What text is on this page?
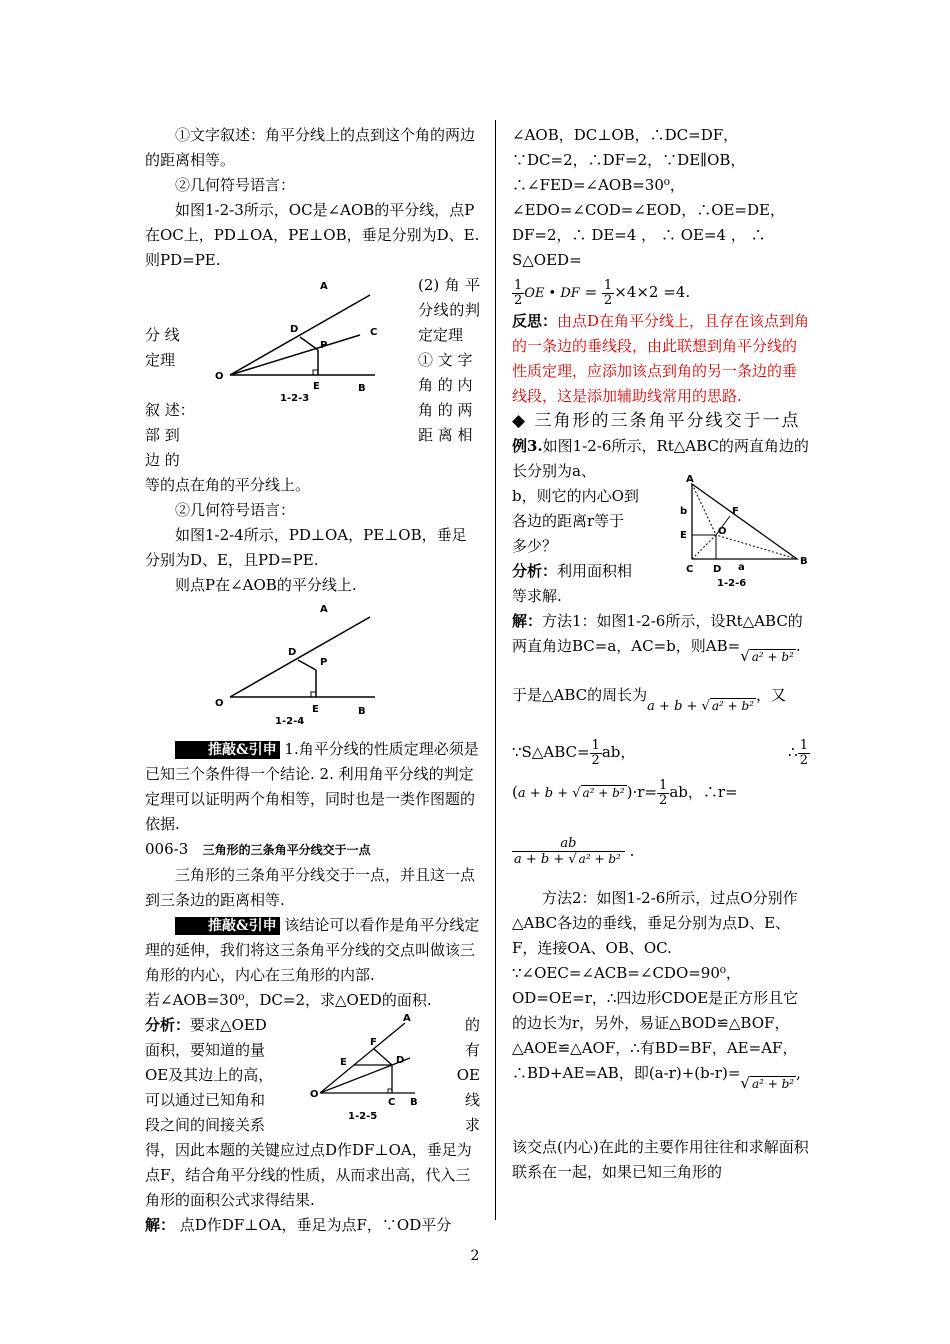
①文字叙述：角平分线上的点到这个角的两边的距离相等。

②几何符号语言：

如图1-2-3所示，OC是∠AOB的平分线，点P在OC上，PD⊥OA，PE⊥OB，垂足分别为D、E. 则PD=PE.

(2)角平分线的判定定理
A
D
P
C
O
E	B
1-2-3

分 线

定理	① 文 字

角 的 内

角 的 两

距 离 相

叙 述：

部 到

边 的

等的点在角的平分线上。

②几何符号语言：

如图1-2-4所示，PD⊥OA，PE⊥OB，垂足分别为D、E，且PD=PE.

则点P在∠AOB的平分线上.

A
D
P
O
E	B
1-2-4

推敲&引申 1.角平分线的性质定理必须是已知三个条件得一个结论. 2. 利用角平分线的判定定理可以证明两个角相等，同时也是一类作图题的依据.

006-3 三角形的三条角平分线交于一点

三角形的三条角平分线交于一点，并且这一点到三条边的距离相等.

推敲&引申 该结论可以看作是角平分线定理的延伸，我们将这三条角平分线的交点叫做该三角形的内心，内心在三角形的内部.

若∠AOB=30⁰，DC=2，求△OED的面积.

分析：要求△OED

面积，要知道的量

OE及其边上的高，

可以通过已知角和

段之间的间接关系

A
F
E	D
O
C B
1-2-5

的

有

OE

线

求

得，因此本题的关键应过点D作DF⊥OA，垂足为点F，结合角平分线的性质，从而求出高，代入三角形的面积公式求得结果.

解： 点D作DF⊥OA，垂足为点F，∵OD平分

∠AOB，DC⊥OB，∴DC=DF，∵DC=2，∴DF=2，∵DE∥OB，∴∠FED=∠AOB=30⁰，∠EDO=∠COD=∠EOD，∴OE=DE，DF=2，∴ DE=4 ， ∴ OE=4 ， ∴ S△OED=

$\frac{1}{2}$ OE • DF = $\frac{1}{2} \times 4\times 2 =4$.

反思：由点D在角平分线上，且存在该点到角的一条边的垂线段，由此联想到角平分线的性质定理，应添加该点到角的另一条边的垂线段，这是添加辅助线常用的思路.

◆ 三角形的三条角平分线交于一点

例3.如图1-2-6所示，Rt△ABC的两直角边的长分别为a、

b，则它的内心O到

各边的距离r等于

多少？

分析：利用面积相

等求解.

A
b	F
E	O
C D a
B
1-2-6

解：方法1：如图1-2-6所示，设Rt△ABC的两直角边BC=a，AC=b，则AB=√ a² + b².

于是△ABC的周长为a + b + √ a² + b²，又

∵S△ABC= $\frac{1}{2}$ ab，	∴ $\frac{1}{2}$

(a + b + √ a² + b² )$\cdot r= \frac{1}{2}$ ab，∴r=

$\frac{ab}{\text{a + b + √ a² + b²}}$ .

方法2：如图1-2-6所示，过点O分别作△ABC各边的垂线，垂足分别为点D、E、F，连接OA、OB、OC.

∵∠OEC=∠ACB=∠CDO=90⁰，OD=OE=r，∴四边形CDOE是正方形且它的边长为r，另外，易证△BOD≌△BOF，△AOE≌△AOF，∴有BD=BF，AE=AF，∴BD+AE=AB，即(a-r)+(b-r)=√ a² + b²,

该交点(内心)在此的主要作用往往和求解面积联系在一起，如果已知三角形的

2
